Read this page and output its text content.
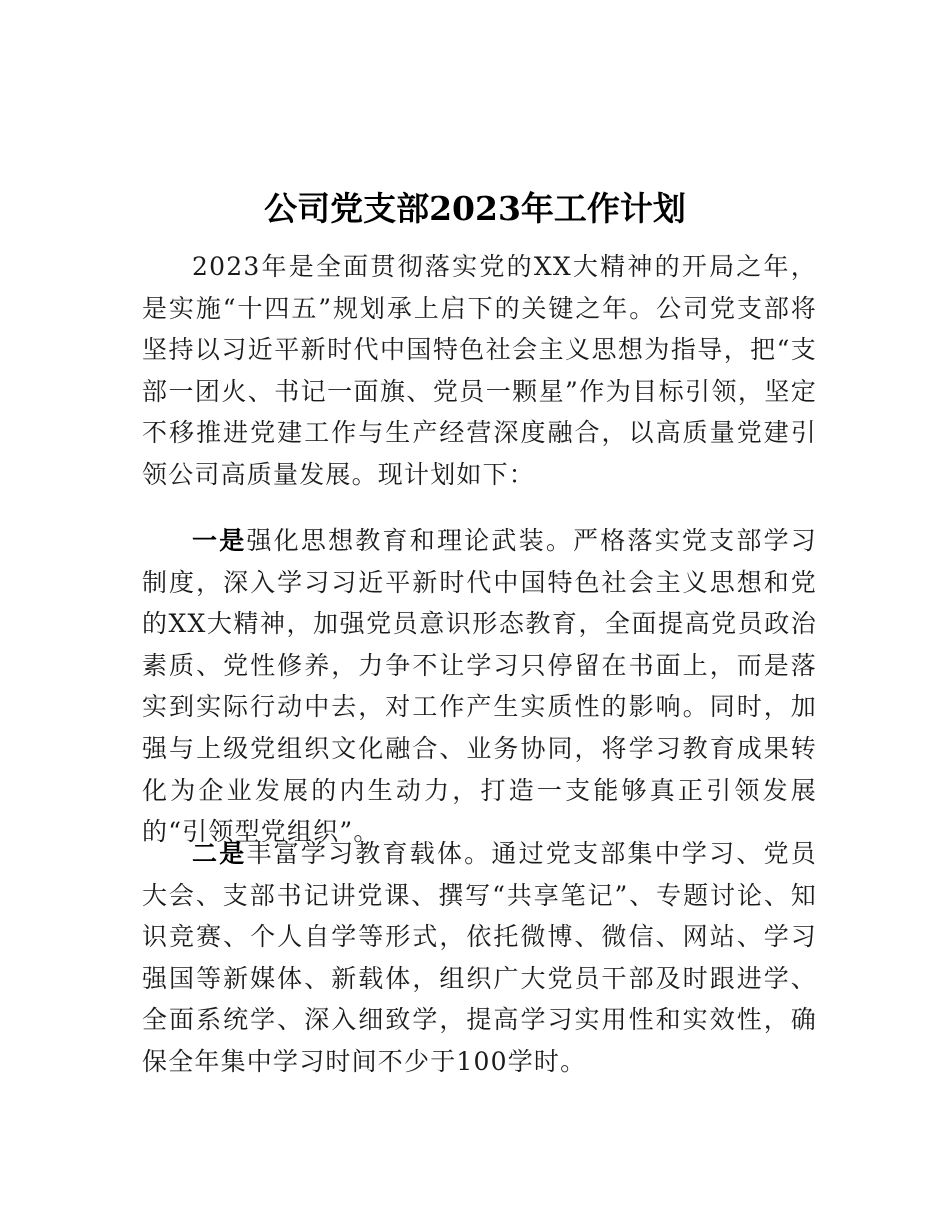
公司党支部2023年工作计划

2023年是全面贯彻落实党的XX大精神的开局之年，是实施“十四五”规划承上启下的关键之年。公司党支部将坚持以习近平新时代中国特色社会主义思想为指导，把“支部一团火、书记一面旗、党员一颗星”作为目标引领，坚定不移推进党建工作与生产经营深度融合，以高质量党建引领公司高质量发展。现计划如下：

一是强化思想教育和理论武装。严格落实党支部学习制度，深入学习习近平新时代中国特色社会主义思想和党的XX大精神，加强党员意识形态教育，全面提高党员政治素质、党性修养，力争不让学习只停留在书面上，而是落实到实际行动中去，对工作产生实质性的影响。同时，加强与上级党组织文化融合、业务协同，将学习教育成果转化为企业发展的内生动力，打造一支能够真正引领发展的“引领型党组织”。

二是丰富学习教育载体。通过党支部集中学习、党员大会、支部书记讲党课、撰写“共享笔记”、专题讨论、知识竞赛、个人自学等形式，依托微博、微信、网站、学习强国等新媒体、新载体，组织广大党员干部及时跟进学、全面系统学、深入细致学，提高学习实用性和实效性，确保全年集中学习时间不少于100学时。
